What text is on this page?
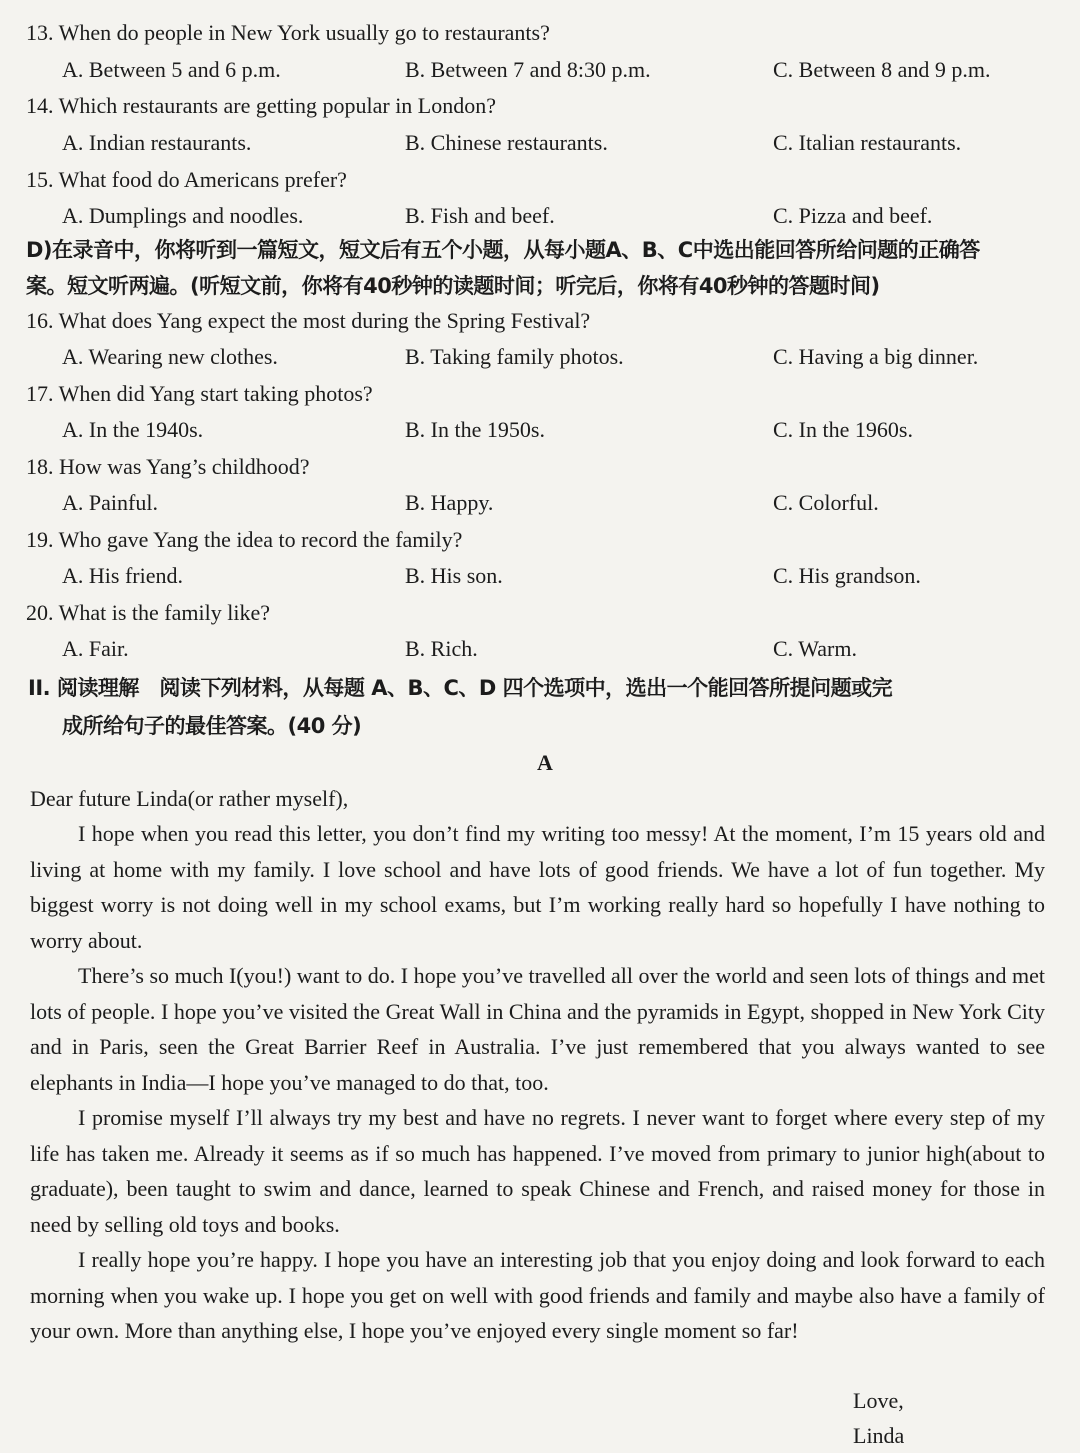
13. When do people in New York usually go to restaurants?
A. Between 5 and 6 p.m.	B. Between 7 and 8:30 p.m.	C. Between 8 and 9 p.m.
14. Which restaurants are getting popular in London?
A. Indian restaurants.	B. Chinese restaurants.	C. Italian restaurants.
15. What food do Americans prefer?
A. Dumplings and noodles.	B. Fish and beef.	C. Pizza and beef.
D)在录音中，你将听到一篇短文，短文后有五个小题，从每小题A、B、C中选出能回答所给问题的正确答
案。短文听两遍。(听短文前，你将有40秒钟的读题时间；听完后，你将有40秒钟的答题时间)
16. What does Yang expect the most during the Spring Festival?
A. Wearing new clothes.	B. Taking family photos.	C. Having a big dinner.
17. When did Yang start taking photos?
A. In the 1940s.	B. In the 1950s.	C. In the 1960s.
18. How was Yang’s childhood?
A. Painful.	B. Happy.	C. Colorful.
19. Who gave Yang the idea to record the family?
A. His friend.	B. His son.	C. His grandson.
20. What is the family like?
A. Fair.	B. Rich.	C. Warm.
II. 阅读理解　阅读下列材料，从每题 A、B、C、D 四个选项中，选出一个能回答所提问题或完
成所给句子的最佳答案。(40 分)
A
Dear future Linda(or rather myself),

I hope when you read this letter, you don’t find my writing too messy! At the moment, I’m 15 years old and living at home with my family. I love school and have lots of good friends. We have a lot of fun together. My biggest worry is not doing well in my school exams, but I’m working really hard so hopefully I have nothing to worry about.

There’s so much I(you!) want to do. I hope you’ve travelled all over the world and seen lots of things and met lots of people. I hope you’ve visited the Great Wall in China and the pyramids in Egypt, shopped in New York City and in Paris, seen the Great Barrier Reef in Australia. I’ve just remembered that you always wanted to see elephants in India—I hope you’ve managed to do that, too.

I promise myself I’ll always try my best and have no regrets. I never want to forget where every step of my life has taken me. Already it seems as if so much has happened. I’ve moved from primary to junior high(about to graduate), been taught to swim and dance, learned to speak Chinese and French, and raised money for those in need by selling old toys and books.

I really hope you’re happy. I hope you have an interesting job that you enjoy doing and look forward to each morning when you wake up. I hope you get on well with good friends and family and maybe also have a family of your own. More than anything else, I hope you’ve enjoyed every single moment so far!

Love,
Linda
